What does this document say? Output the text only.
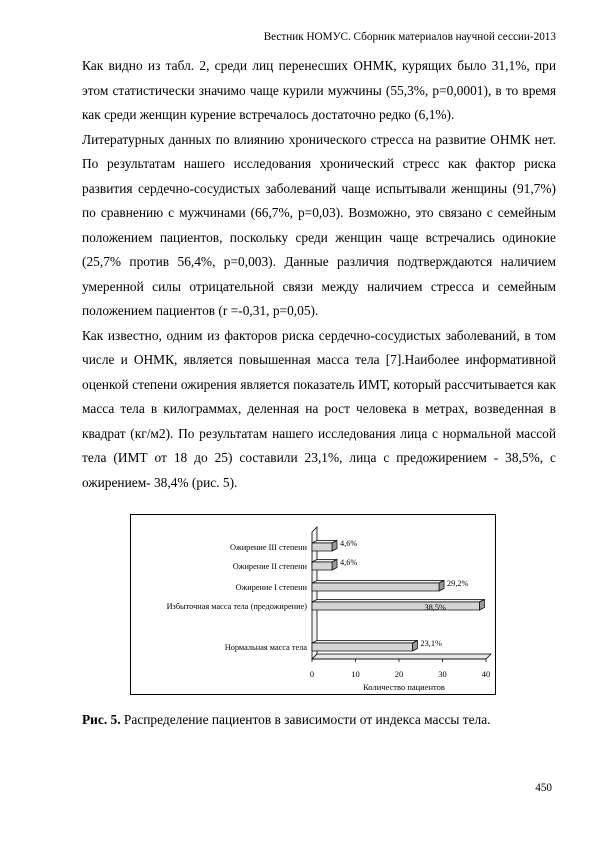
Вестник НОМУС. Сборник материалов научной сессии-2013

Как видно из табл. 2, среди лиц перенесших ОНМК, курящих было 31,1%, при этом статистически значимо чаще курили мужчины (55,3%, р=0,0001), в то время как среди женщин курение встречалось достаточно редко (6,1%).

Литературных данных по влиянию хронического стресса на развитие ОНМК нет. По результатам нашего исследования хронический стресс как фактор риска развития сердечно-сосудистых заболеваний чаще испытывали женщины (91,7%) по сравнению с мужчинами (66,7%, р=0,03). Возможно, это связано с семейным положением пациентов, поскольку среди женщин чаще встречались одинокие (25,7% против 56,4%, р=0,003). Данные различия подтверждаются наличием умеренной силы отрицательной связи между наличием стресса и семейным положением пациентов (r =-0,31, р=0,05).

Как известно, одним из факторов риска сердечно-сосудистых заболеваний, в том числе и ОНМК, является повышенная масса тела [7].Наиболее информативной оценкой степени ожирения является показатель ИМТ, который рассчитывается как масса тела в килограммах, деленная на рост человека в метрах, возведенная в квадрат (кг/м2). По результатам нашего исследования лица с нормальной массой тела (ИМТ от 18 до 25) составили 23,1%, лица с предожирением - 38,5%, с ожирением- 38,4% (рис. 5).

0	10	20	30	40
Количество пациентов
Ожирение III степени	4,6%
Ожирение II степени	4,6%
Ожирение I степени	29,2%
Избыточная масса тела (предожирение)	38,5%
Нормальная масса тела	23,1%
Рис. 5. Распределение пациентов в зависимости от индекса массы тела.
450
